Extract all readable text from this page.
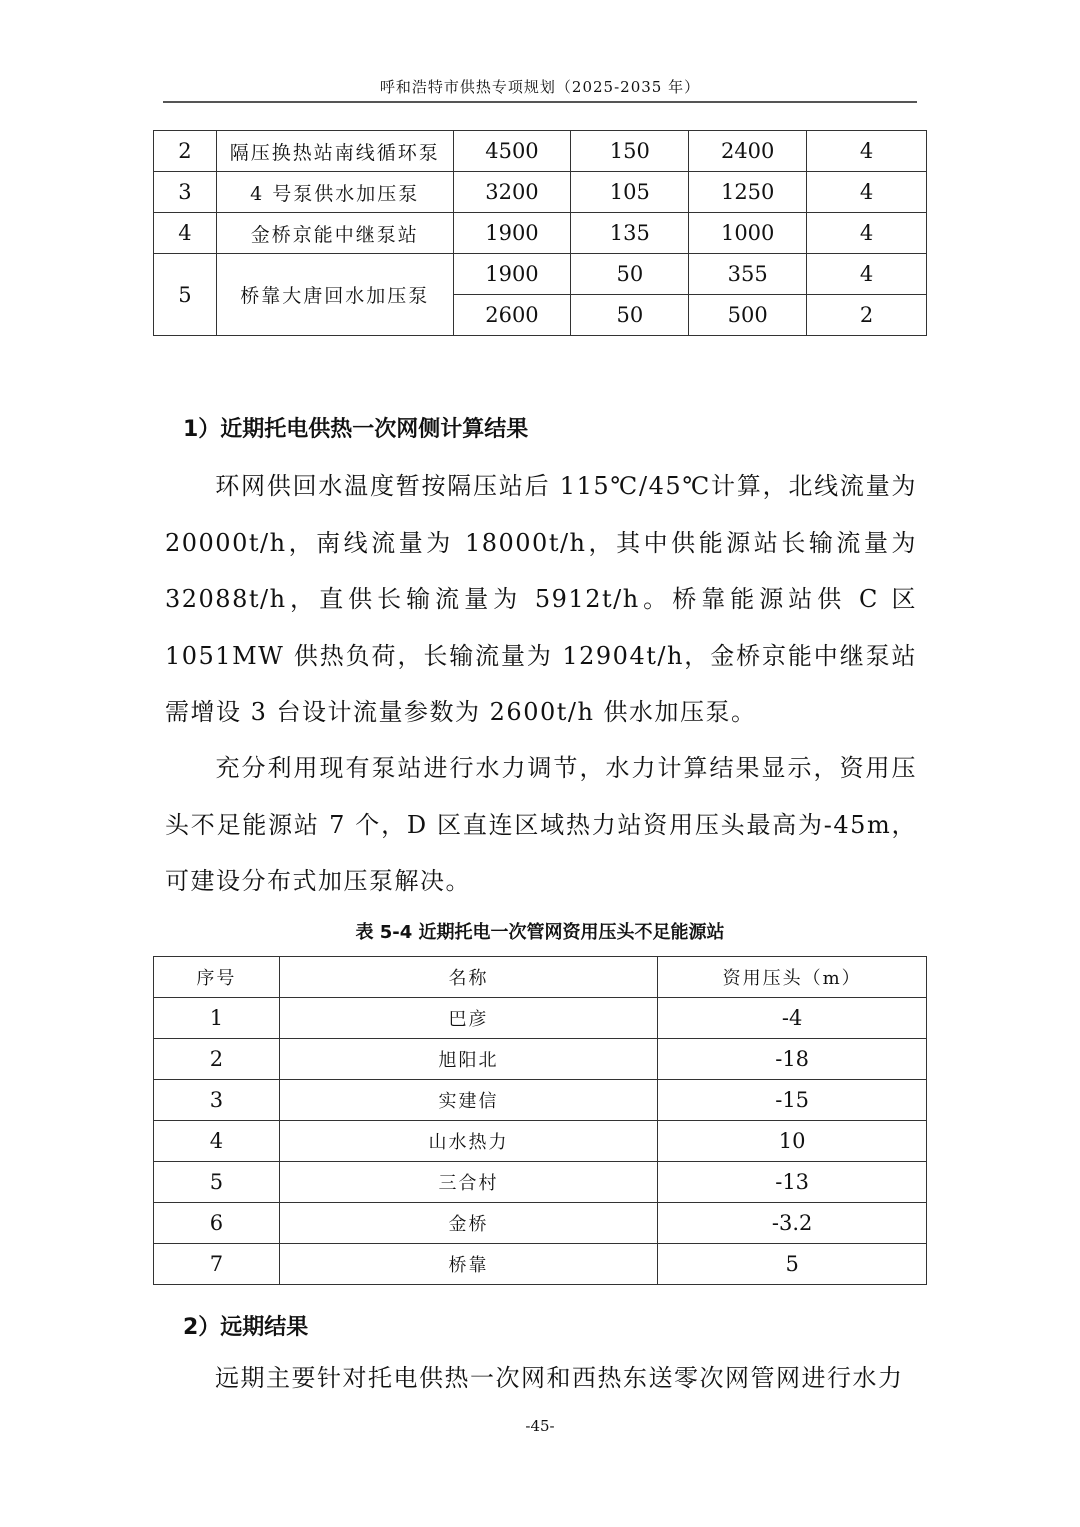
呼和浩特市供热专项规划（2025-2035 年）
2	隔压换热站南线循环泵	4500	150	2400	4
3	4 号泵供水加压泵	3200	105	1250	4
4	金桥京能中继泵站	1900	135	1000	4
5	桥靠大唐回水加压泵	1900	50	355	4
		2600	50	500	2
1）近期托电供热一次网侧计算结果
环网供回水温度暂按隔压站后 115℃/45℃计算，北线流量为 20000t/h，南线流量为 18000t/h，其中供能源站长输流量为 32088t/h，直供长输流量为 5912t/h。桥靠能源站供 C 区 1051MW 供热负荷，长输流量为 12904t/h，金桥京能中继泵站需增设 3 台设计流量参数为 2600t/h 供水加压泵。
充分利用现有泵站进行水力调节，水力计算结果显示，资用压头不足能源站 7 个，D 区直连区域热力站资用压头最高为-45m，可建设分布式加压泵解决。
表 5-4 近期托电一次管网资用压头不足能源站
序号	名称	资用压头（m）
1	巴彦	-4
2	旭阳北	-18
3	实建信	-15
4	山水热力	10
5	三合村	-13
6	金桥	-3.2
7	桥靠	5
2）远期结果
远期主要针对托电供热一次网和西热东送零次网管网进行水力
-45-
